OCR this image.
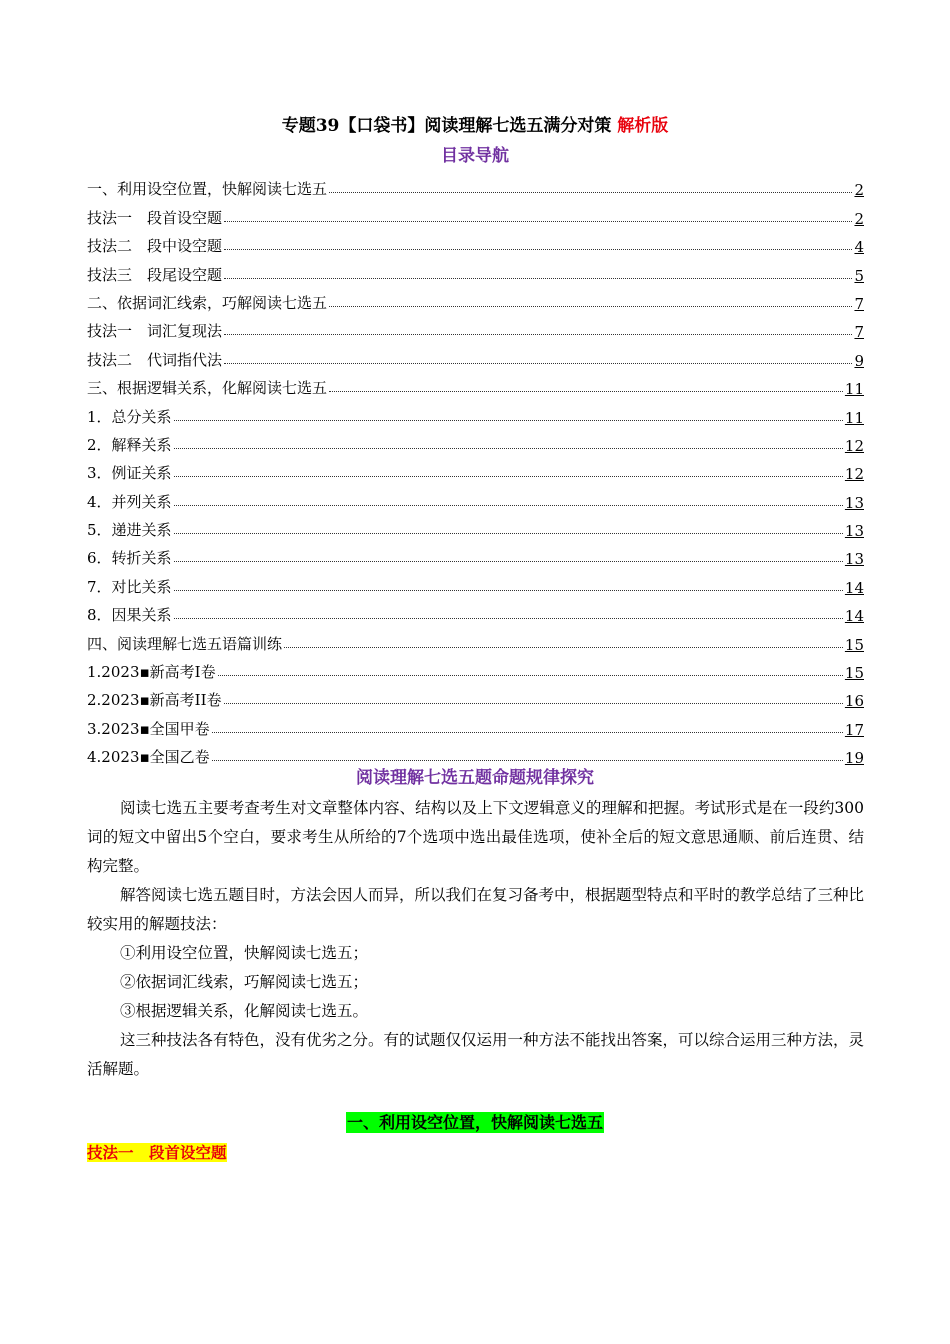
专题39【口袋书】阅读理解七选五满分对策 解析版
目录导航
一、利用设空位置，快解阅读七选五	2
技法一　段首设空题	2
技法二　段中设空题	4
技法三　段尾设空题	5
二、依据词汇线索，巧解阅读七选五	7
技法一　词汇复现法	7
技法二　代词指代法	9
三、根据逻辑关系，化解阅读七选五	11
1．总分关系	11
2．解释关系	12
3．例证关系	12
4．并列关系	13
5．递进关系	13
6．转折关系	13
7．对比关系	14
8．因果关系	14
四、阅读理解七选五语篇训练	15
1.2023▪新高考I卷	15
2.2023▪新高考II卷	16
3.2023▪全国甲卷	17
4.2023▪全国乙卷	19
阅读理解七选五题命题规律探究

阅读七选五主要考查考生对文章整体内容、结构以及上下文逻辑意义的理解和把握。考试形式是在一段约300词的短文中留出5个空白，要求考生从所给的7个选项中选出最佳选项，使补全后的短文意思通顺、前后连贯、结构完整。

解答阅读七选五题目时，方法会因人而异，所以我们在复习备考中，根据题型特点和平时的教学总结了三种比较实用的解题技法：

①利用设空位置，快解阅读七选五；

②依据词汇线索，巧解阅读七选五；

③根据逻辑关系，化解阅读七选五。

这三种技法各有特色，没有优劣之分。有的试题仅仅运用一种方法不能找出答案，可以综合运用三种方法，灵活解题。

一、利用设空位置，快解阅读七选五
技法一　段首设空题
